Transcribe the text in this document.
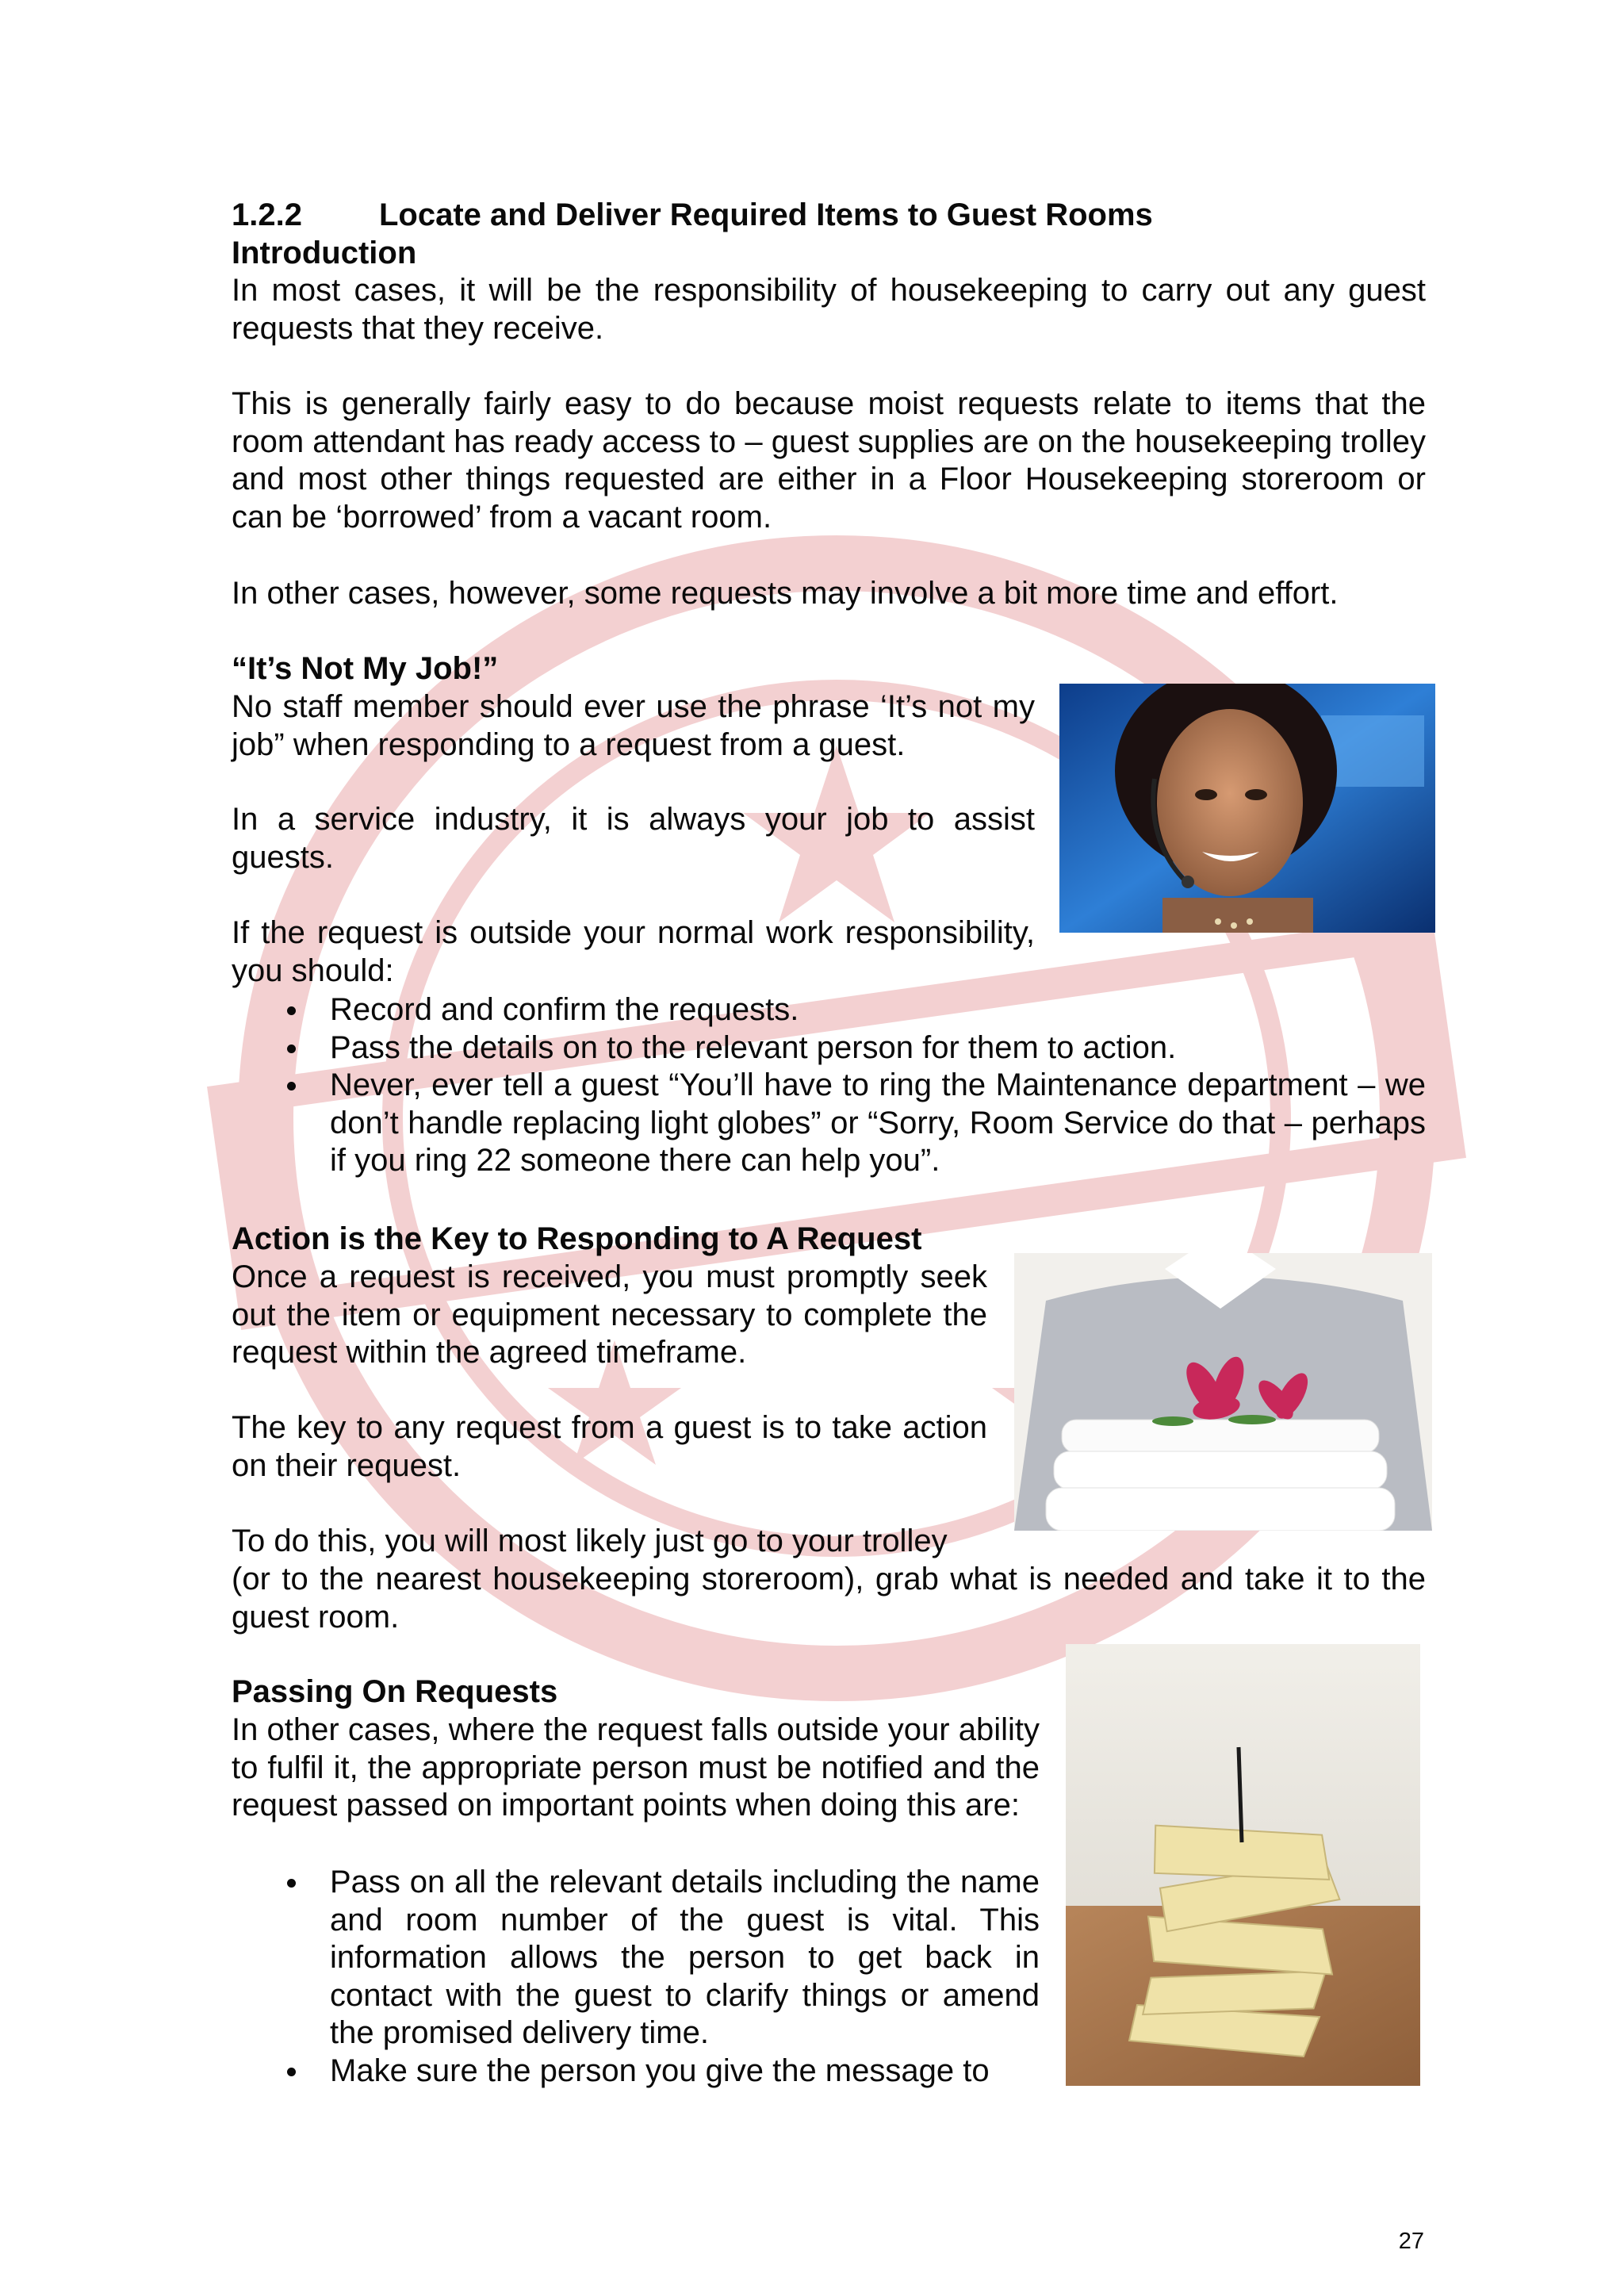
1.2.2 Locate and Deliver Required Items to Guest Rooms

Introduction

In most cases, it will be the responsibility of housekeeping to carry out any guest requests that they receive.

This is generally fairly easy to do because moist requests relate to items that the room attendant has ready access to – guest supplies are on the housekeeping trolley and most other things requested are either in a Floor Housekeeping storeroom or can be ‘borrowed’ from a vacant room.

In other cases, however, some requests may involve a bit more time and effort.

“It’s Not My Job!”

No staff member should ever use the phrase ‘It’s not my job” when responding to a request from a guest.

In a service industry, it is always your job to assist guests.

If the request is outside your normal work responsibility, you should:

Record and confirm the requests.
Pass the details on to the relevant person for them to action.
Never, ever tell a guest “You’ll have to ring the Maintenance department – we don’t handle replacing light globes” or “Sorry, Room Service do that – perhaps if you ring 22 someone there can help you”.

Action is the Key to Responding to A Request

Once a request is received, you must promptly seek out the item or equipment necessary to complete the request within the agreed timeframe.

The key to any request from a guest is to take action on their request.

To do this, you will most likely just go to your trolley

(or to the nearest housekeeping storeroom), grab what is needed and take it to the guest room.

Passing On Requests

In other cases, where the request falls outside your ability to fulfil it, the appropriate person must be notified and the request passed on important points when doing this are:

Pass on all the relevant details including the name and room number of the guest is vital. This information allows the person to get back in contact with the guest to clarify things or amend the promised delivery time.
Make sure the person you give the message to
27
